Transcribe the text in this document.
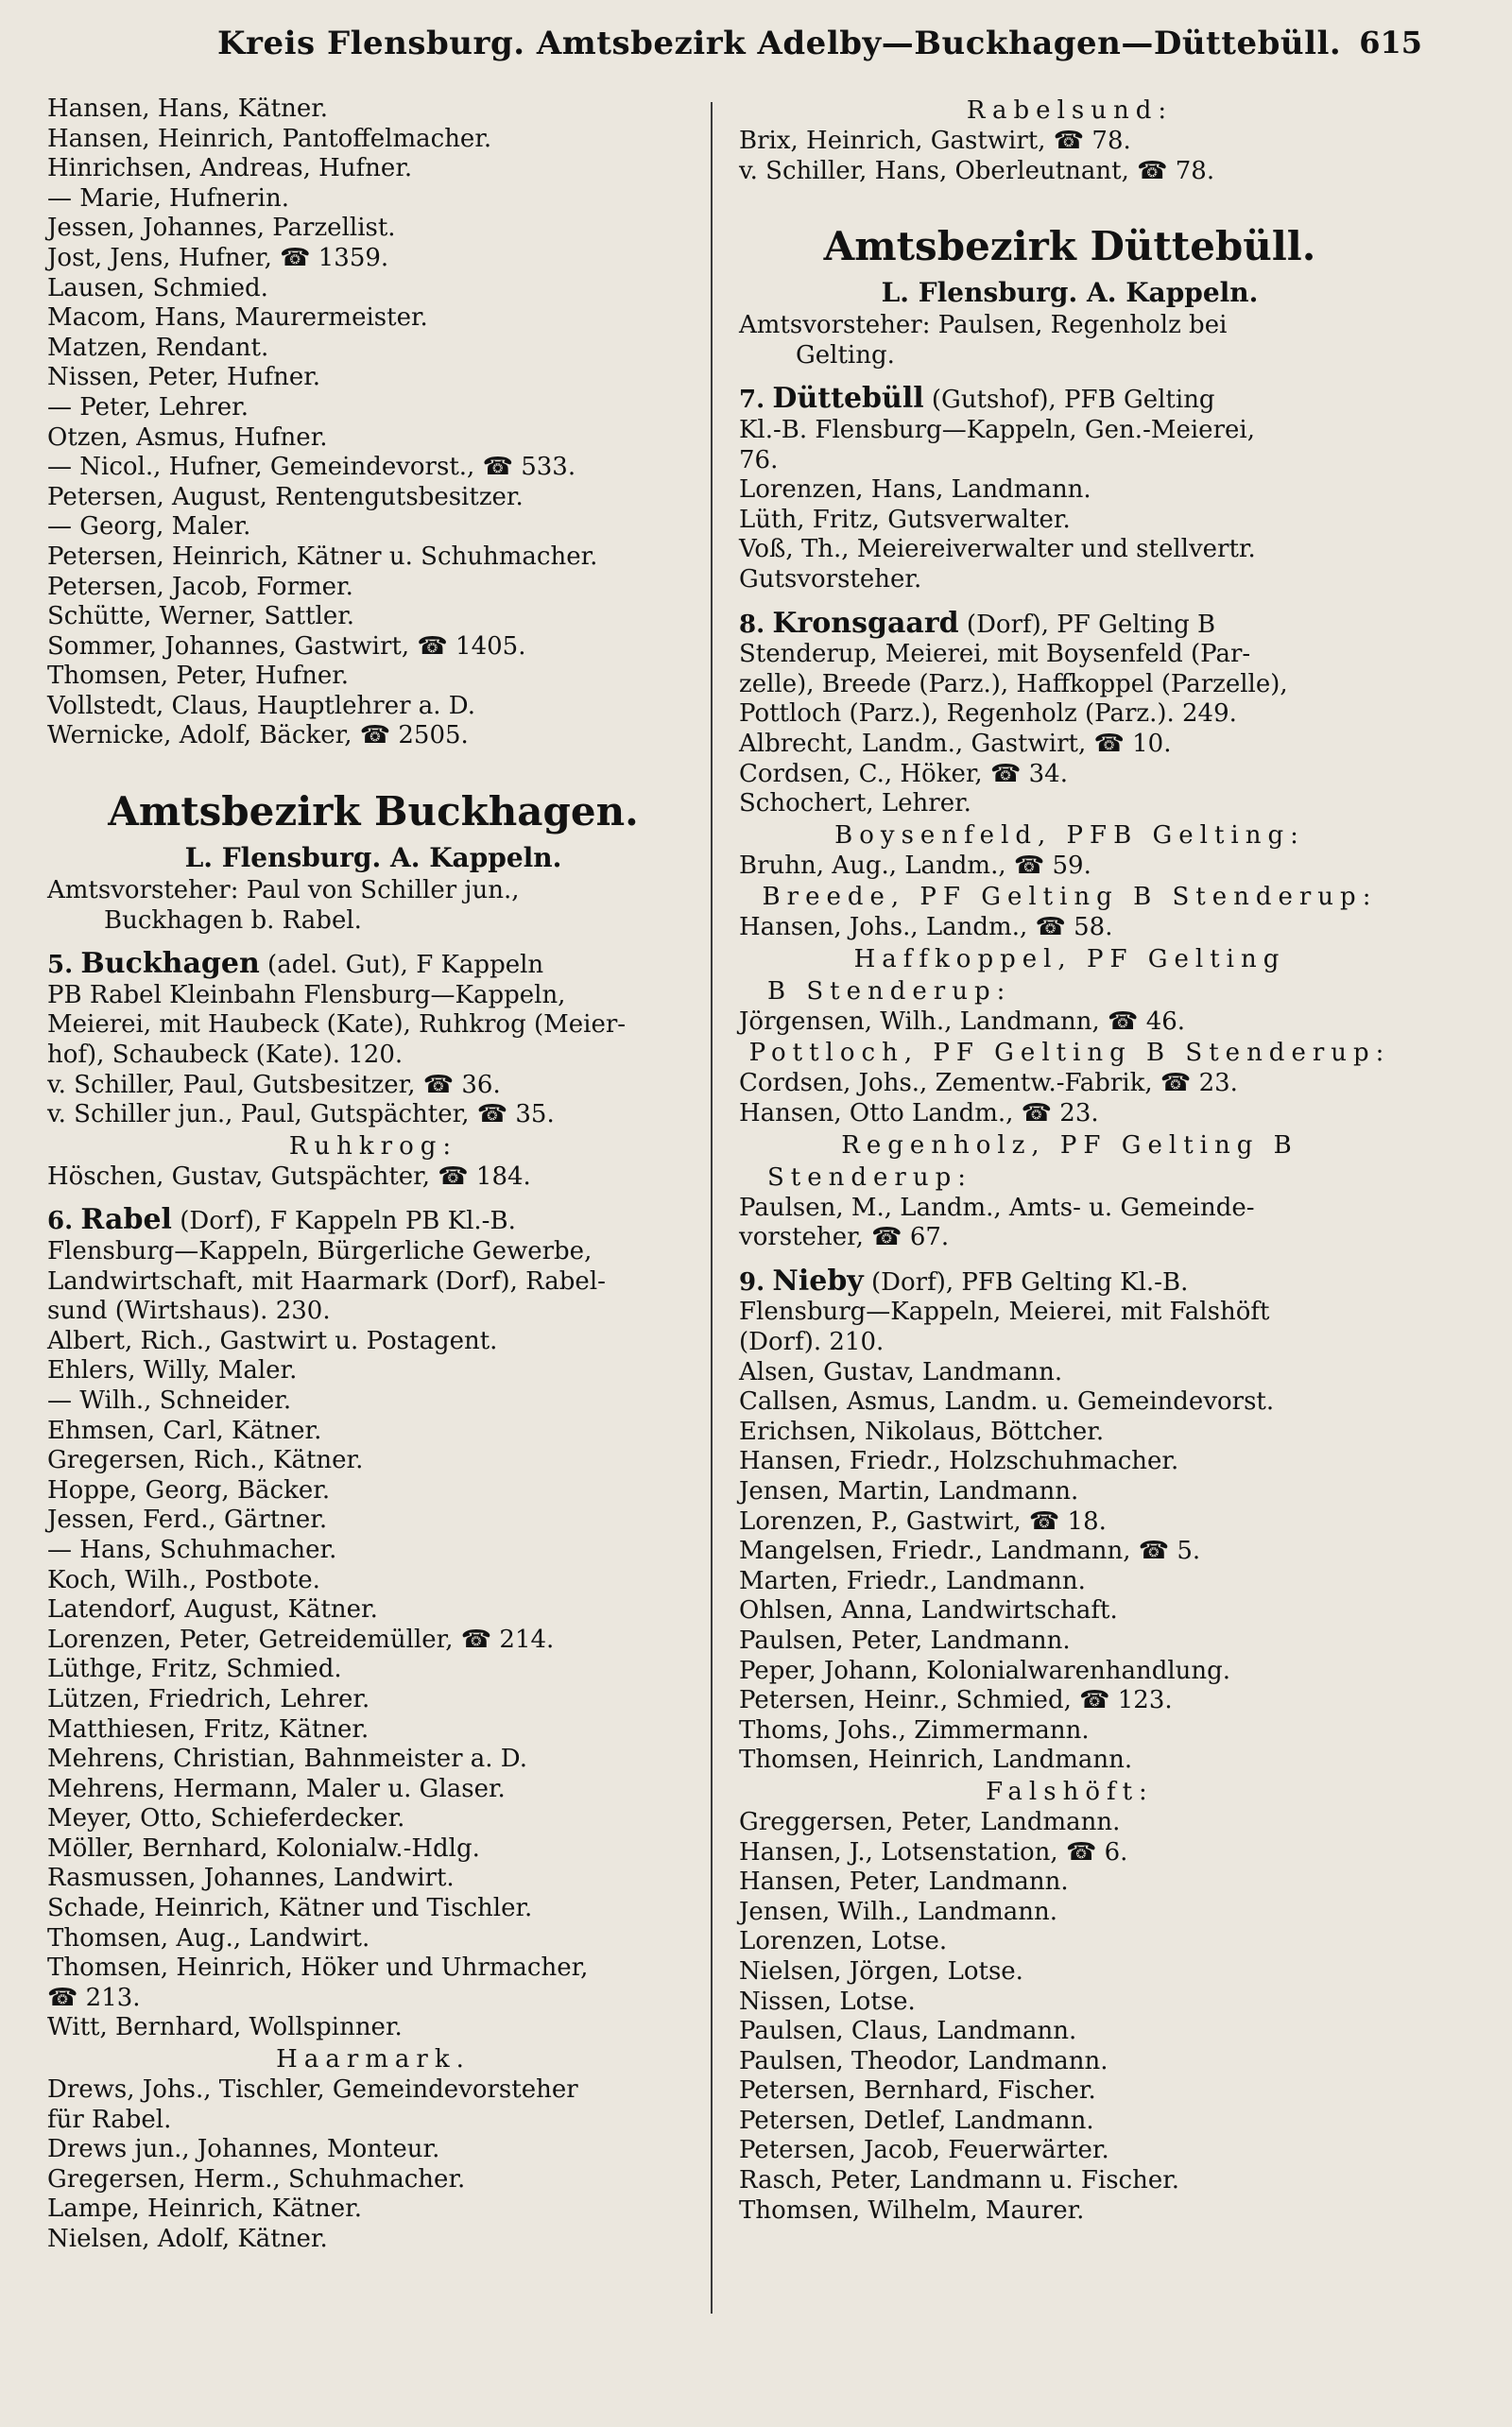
Kreis Flensburg. Amtsbezirk Adelby—Buckhagen—Düttebüll. 615
Hansen, Hans, Kätner.
Hansen, Heinrich, Pantoffelmacher.
Hinrichsen, Andreas, Hufner.
— Marie, Hufnerin.
Jessen, Johannes, Parzellist.
Jost, Jens, Hufner, ☎ 1359.
Lausen, Schmied.
Macom, Hans, Maurermeister.
Matzen, Rendant.
Nissen, Peter, Hufner.
— Peter, Lehrer.
Otzen, Asmus, Hufner.
— Nicol., Hufner, Gemeindevorst., ☎ 533.
Petersen, August, Rentengutsbesitzer.
— Georg, Maler.
Petersen, Heinrich, Kätner u. Schuhmacher.
Petersen, Jacob, Former.
Schütte, Werner, Sattler.
Sommer, Johannes, Gastwirt, ☎ 1405.
Thomsen, Peter, Hufner.
Vollstedt, Claus, Hauptlehrer a. D.
Wernicke, Adolf, Bäcker, ☎ 2505.
Amtsbezirk Buckhagen.
L. Flensburg. A. Kappeln.
Amtsvorsteher: Paul von Schiller jun.,
Buckhagen b. Rabel.
5. Buckhagen (adel. Gut), F Kappeln
PB Rabel Kleinbahn Flensburg—Kappeln,
Meierei, mit Haubeck (Kate), Ruhkrog (Meier-
hof), Schaubeck (Kate). 120.
v. Schiller, Paul, Gutsbesitzer, ☎ 36.
v. Schiller jun., Paul, Gutspächter, ☎ 35.
Ruhkrog:
Höschen, Gustav, Gutspächter, ☎ 184.
6. Rabel (Dorf), F Kappeln PB Kl.-B.
Flensburg—Kappeln, Bürgerliche Gewerbe,
Landwirtschaft, mit Haarmark (Dorf), Rabel-
sund (Wirtshaus). 230.
Albert, Rich., Gastwirt u. Postagent.
Ehlers, Willy, Maler.
— Wilh., Schneider.
Ehmsen, Carl, Kätner.
Gregersen, Rich., Kätner.
Hoppe, Georg, Bäcker.
Jessen, Ferd., Gärtner.
— Hans, Schuhmacher.
Koch, Wilh., Postbote.
Latendorf, August, Kätner.
Lorenzen, Peter, Getreidemüller, ☎ 214.
Lüthge, Fritz, Schmied.
Lützen, Friedrich, Lehrer.
Matthiesen, Fritz, Kätner.
Mehrens, Christian, Bahnmeister a. D.
Mehrens, Hermann, Maler u. Glaser.
Meyer, Otto, Schieferdecker.
Möller, Bernhard, Kolonialw.-Hdlg.
Rasmussen, Johannes, Landwirt.
Schade, Heinrich, Kätner und Tischler.
Thomsen, Aug., Landwirt.
Thomsen, Heinrich, Höker und Uhrmacher,
☎ 213.
Witt, Bernhard, Wollspinner.
Haarmark.
Drews, Johs., Tischler, Gemeindevorsteher
für Rabel.
Drews jun., Johannes, Monteur.
Gregersen, Herm., Schuhmacher.
Lampe, Heinrich, Kätner.
Nielsen, Adolf, Kätner.
Rabelsund:
Brix, Heinrich, Gastwirt, ☎ 78.
v. Schiller, Hans, Oberleutnant, ☎ 78.
Amtsbezirk Düttebüll.
L. Flensburg. A. Kappeln.
Amtsvorsteher: Paulsen, Regenholz bei
Gelting.
7. Düttebüll (Gutshof), PFB Gelting
Kl.-B. Flensburg—Kappeln, Gen.-Meierei,
76.
Lorenzen, Hans, Landmann.
Lüth, Fritz, Gutsverwalter.
Voß, Th., Meiereiverwalter und stellvertr.
Gutsvorsteher.
8. Kronsgaard (Dorf), PF Gelting B
Stenderup, Meierei, mit Boysenfeld (Par-
zelle), Breede (Parz.), Haffkoppel (Parzelle),
Pottloch (Parz.), Regenholz (Parz.). 249.
Albrecht, Landm., Gastwirt, ☎ 10.
Cordsen, C., Höker, ☎ 34.
Schochert, Lehrer.
Boysenfeld, PFB Gelting:
Bruhn, Aug., Landm., ☎ 59.
Breede, PF Gelting B Stenderup:
Hansen, Johs., Landm., ☎ 58.
Haffkoppel, PF Gelting
B Stenderup:
Jörgensen, Wilh., Landmann, ☎ 46.
Pottloch, PF Gelting B Stenderup:
Cordsen, Johs., Zementw.-Fabrik, ☎ 23.
Hansen, Otto Landm., ☎ 23.
Regenholz, PF Gelting B
Stenderup:
Paulsen, M., Landm., Amts- u. Gemeinde-
vorsteher, ☎ 67.
9. Nieby (Dorf), PFB Gelting Kl.-B.
Flensburg—Kappeln, Meierei, mit Falshöft
(Dorf). 210.
Alsen, Gustav, Landmann.
Callsen, Asmus, Landm. u. Gemeindevorst.
Erichsen, Nikolaus, Böttcher.
Hansen, Friedr., Holzschuhmacher.
Jensen, Martin, Landmann.
Lorenzen, P., Gastwirt, ☎ 18.
Mangelsen, Friedr., Landmann, ☎ 5.
Marten, Friedr., Landmann.
Ohlsen, Anna, Landwirtschaft.
Paulsen, Peter, Landmann.
Peper, Johann, Kolonialwarenhandlung.
Petersen, Heinr., Schmied, ☎ 123.
Thoms, Johs., Zimmermann.
Thomsen, Heinrich, Landmann.
Falshöft:
Greggersen, Peter, Landmann.
Hansen, J., Lotsenstation, ☎ 6.
Hansen, Peter, Landmann.
Jensen, Wilh., Landmann.
Lorenzen, Lotse.
Nielsen, Jörgen, Lotse.
Nissen, Lotse.
Paulsen, Claus, Landmann.
Paulsen, Theodor, Landmann.
Petersen, Bernhard, Fischer.
Petersen, Detlef, Landmann.
Petersen, Jacob, Feuerwärter.
Rasch, Peter, Landmann u. Fischer.
Thomsen, Wilhelm, Maurer.
